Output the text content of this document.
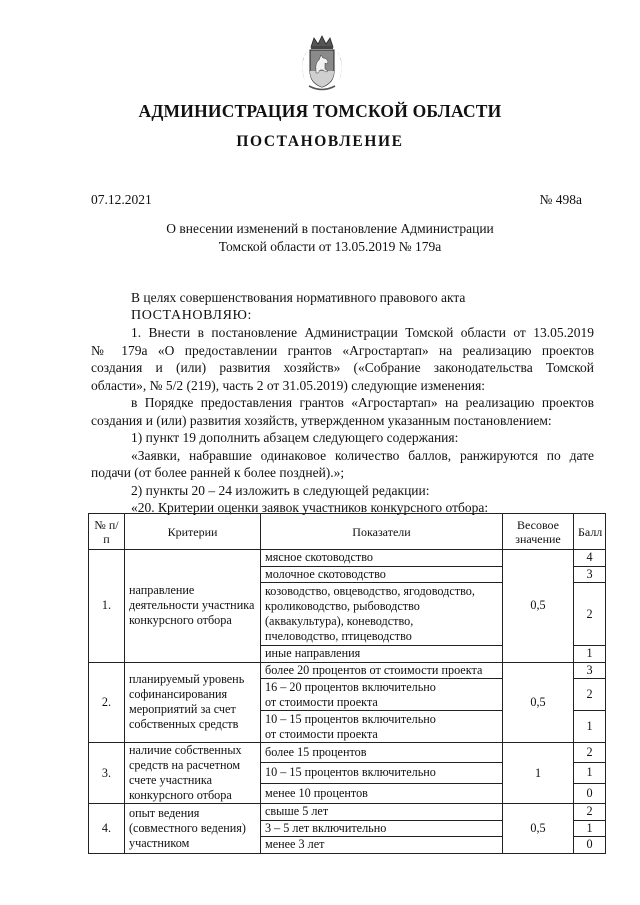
АДМИНИСТРАЦИЯ ТОМСКОЙ ОБЛАСТИ
ПОСТАНОВЛЕНИЕ
07.12.2021	№ 498а
О внесении изменений в постановление Администрации
Томской области от 13.05.2019 № 179а
В целях совершенствования нормативного правового акта
ПОСТАНОВЛЯЮ:
1. Внести в постановление Администрации Томской области от 13.05.2019
№ 179а «О предоставлении грантов «Агростартап» на реализацию проектов
создания и (или) развития хозяйств» («Собрание законодательства Томской
области», № 5/2 (219), часть 2 от 31.05.2019) следующие изменения:
в Порядке предоставления грантов «Агростартап» на реализацию проектов
создания и (или) развития хозяйств, утвержденном указанным постановлением:
1) пункт 19 дополнить абзацем следующего содержания:
«Заявки, набравшие одинаковое количество баллов, ранжируются по дате
подачи (от более ранней к более поздней).»;
2) пункты 20 – 24 изложить в следующей редакции:
«20. Критерии оценки заявок участников конкурсного отбора:
№ п/п	Критерии	Показатели	Весовое значение	Балл
1.	направление деятельности участника конкурсного отбора	мясное скотоводство	0,5	4

		молочное скотоводство		3

		козоводство, овцеводство, ягодоводство,
кролиководство, рыбоводство
(аквакультура), коневодство,
пчеловодство, птицеводство		2

		иные направления		1
2.	планируемый уровень софинансирования мероприятий за счет собственных средств	более 20 процентов от стоимости проекта	0,5	3

		16 – 20 процентов включительно
от стоимости проекта		2

		10 – 15 процентов включительно
от стоимости проекта		1
3.	наличие собственных средств на расчетном счете участника конкурсного отбора	более 15 процентов	1	2

		10 – 15 процентов включительно		1

		менее 10 процентов		0
4.	опыт ведения (совместного ведения) участником	свыше 5 лет	0,5	2

		3 – 5 лет включительно		1

		менее 3 лет		0
